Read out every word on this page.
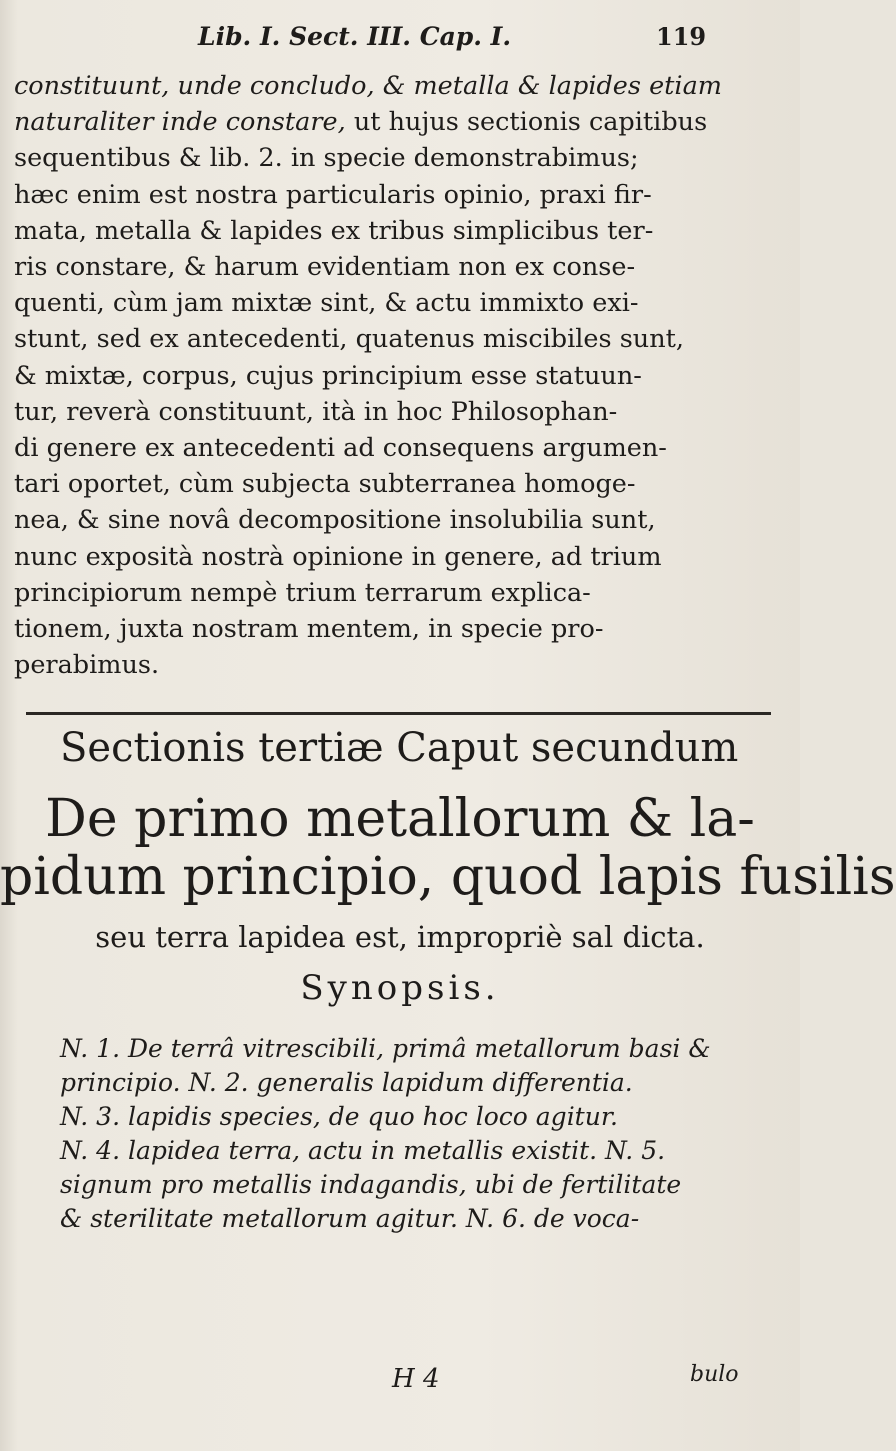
Lib. I. Sect. III. Cap. I.	119
constituunt, unde concludo, & metalla & lapides etiam
naturaliter inde constare, ut hujus sectionis capitibus
sequentibus & lib. 2. in specie demonstrabimus;
hæc enim est nostra particularis opinio, praxi fir-
mata, metalla & lapides ex tribus simplicibus ter-
ris constare, & harum evidentiam non ex conse-
quenti, cùm jam mixtæ sint, & actu immixto exi-
stunt, sed ex antecedenti, quatenus miscibiles sunt,
& mixtæ, corpus, cujus principium esse statuun-
tur, reverà constituunt, ità in hoc Philosophan-
di genere ex antecedenti ad consequens argumen-
tari oportet, cùm subjecta subterranea homoge-
nea, & sine novâ decompositione insolubilia sunt,
nunc exposità nostrà opinione in genere, ad trium
principiorum nempè trium terrarum explica-
tionem, juxta nostram mentem, in specie pro-
perabimus.
Sectionis tertiæ Caput secundum
De primo metallorum & la-
pidum principio, quod lapis fusilis
seu terra lapidea est, impropriè sal dicta.
Synopsis.
N. 1. De terrâ vitrescibili, primâ metallorum basi &
principio. N. 2. generalis lapidum differentia.
N. 3. lapidis species, de quo hoc loco agitur.
N. 4. lapidea terra, actu in metallis existit. N. 5.
signum pro metallis indagandis, ubi de fertilitate
& sterilitate metallorum agitur. N. 6. de voca-
H 4	bulo
